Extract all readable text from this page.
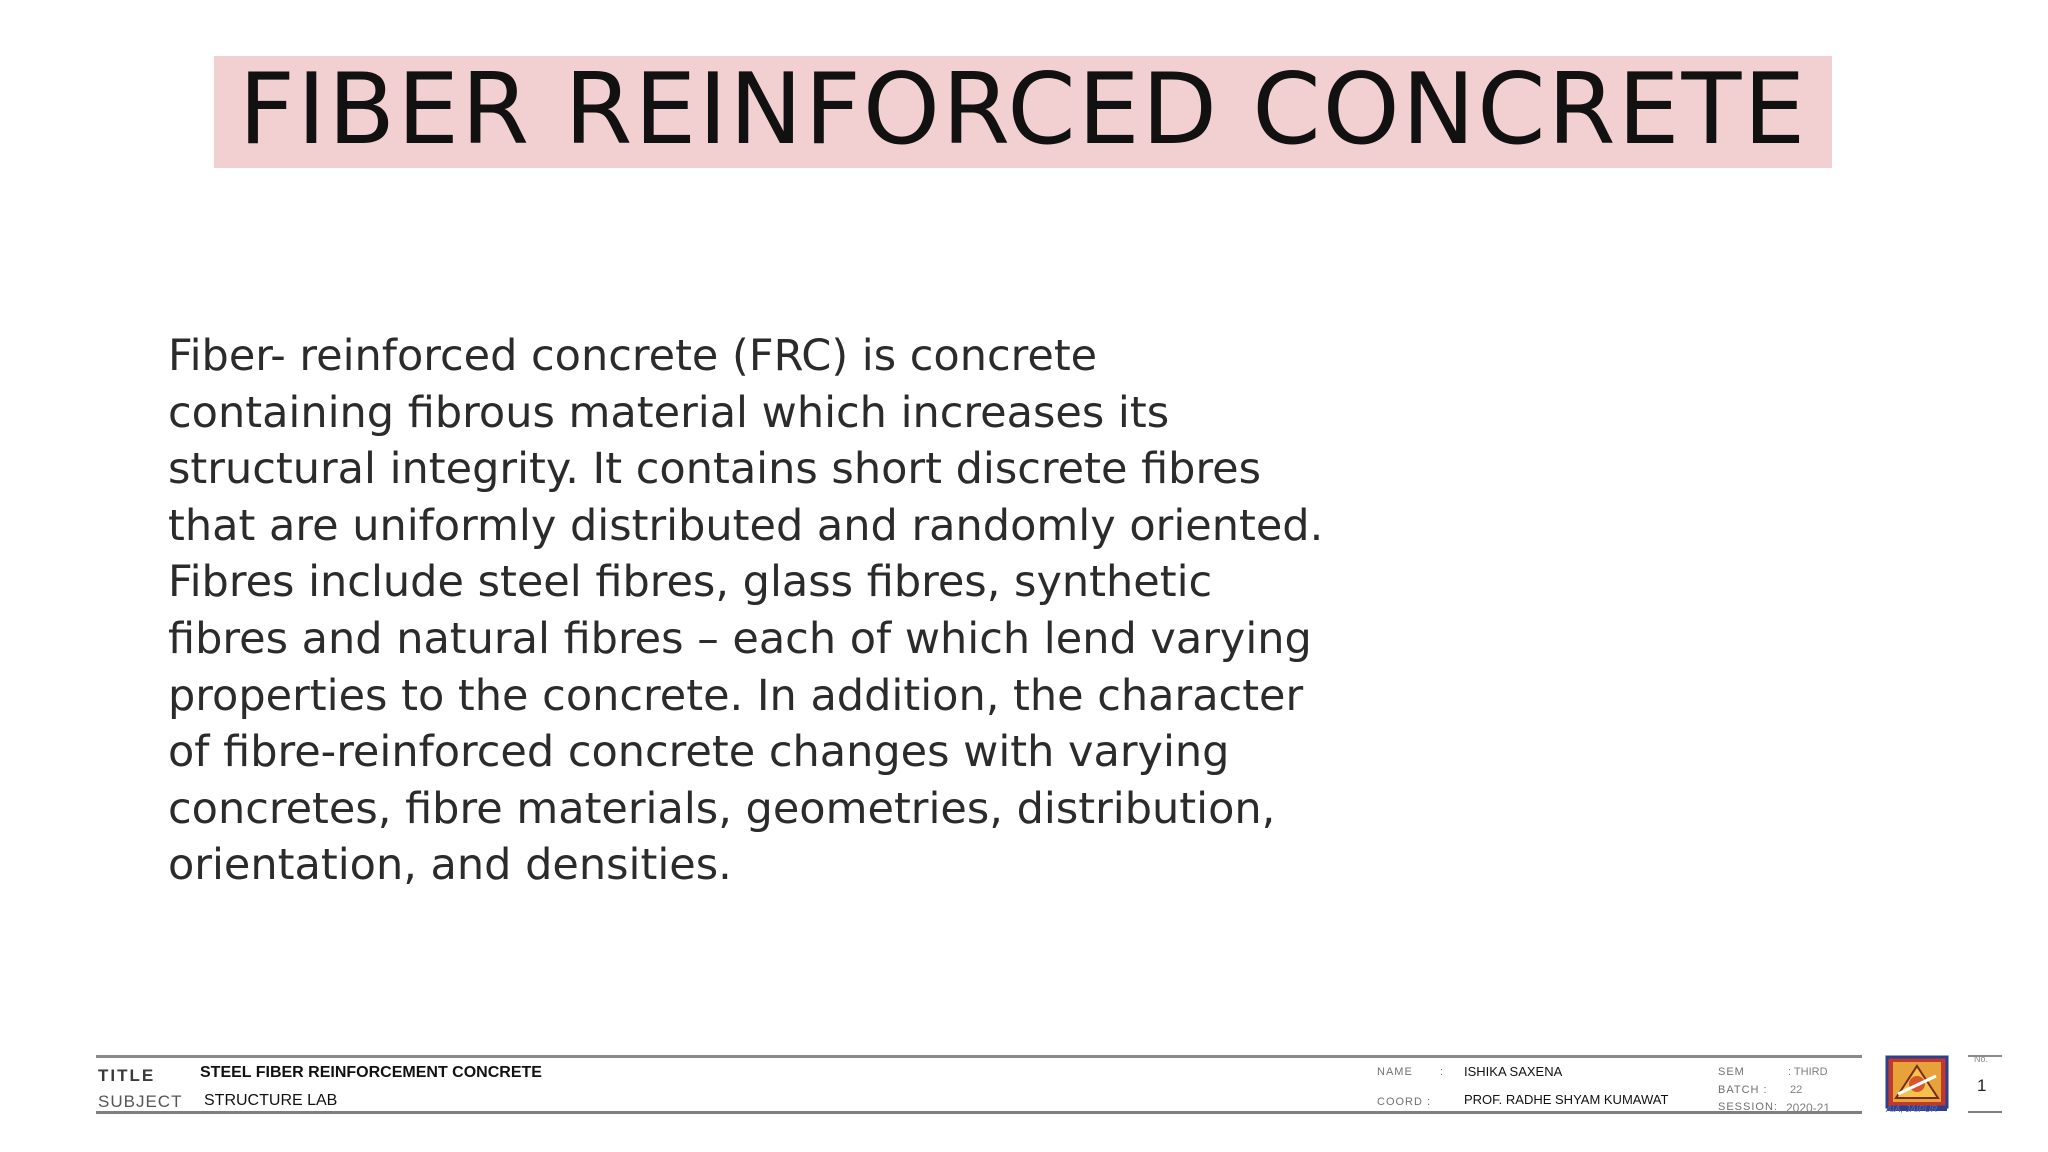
FIBER REINFORCED CONCRETE
Fiber- reinforced concrete (FRC) is concrete
containing fibrous material which increases its
structural integrity. It contains short discrete fibres
that are uniformly distributed and randomly oriented.
Fibres include steel fibres, glass fibres, synthetic
fibres and natural fibres – each of which lend varying
properties to the concrete. In addition, the character
of fibre-reinforced concrete changes with varying
concretes, fibre materials, geometries, distribution,
orientation, and densities.
TITLE	STEEL FIBER REINFORCEMENT CONCRETE
SUBJECT STRUCTURE LAB
NAME : ISHIKA SAXENA
COORD :	PROF. RADHE SHYAM KUMAWAT
SEM	: THIRD
BATCH : 22
SESSION: 2020-21	AIA, JAIPUR
No.
1
